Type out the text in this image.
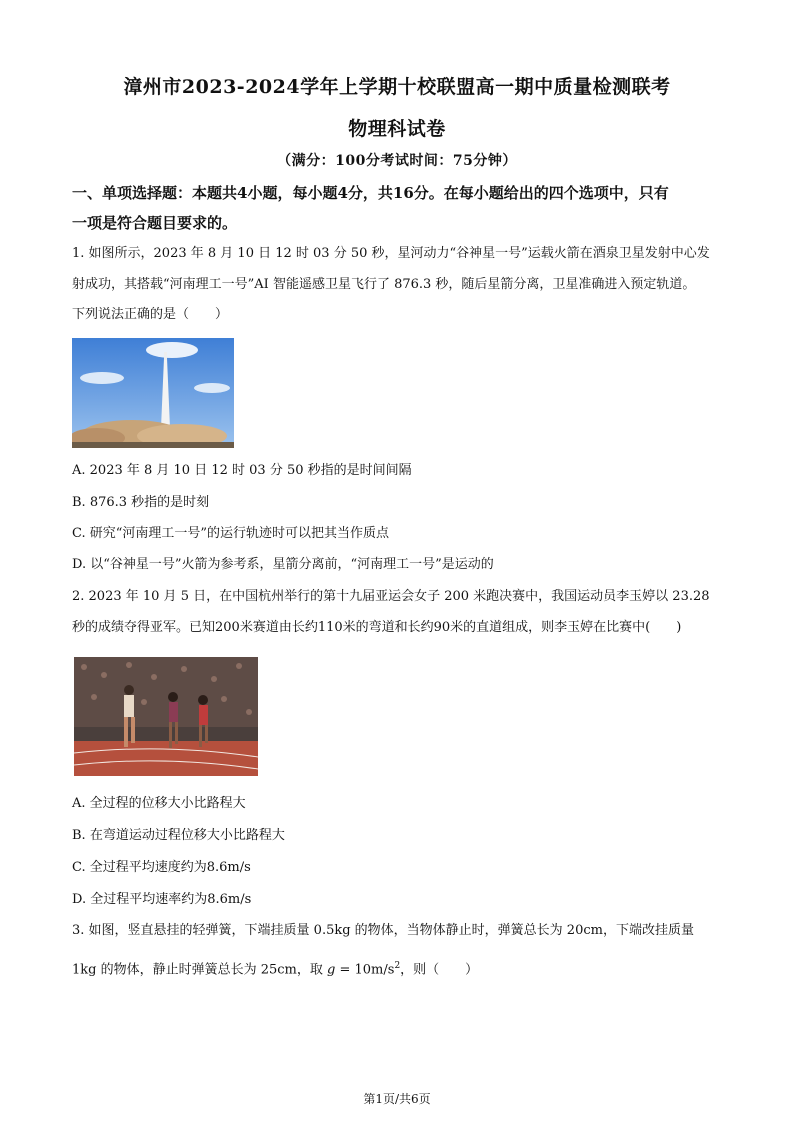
漳州市2023-2024学年上学期十校联盟高一期中质量检测联考
物理科试卷
（满分：100分考试时间：75分钟）
一、单项选择题：本题共4小题，每小题4分，共16分。在每小题给出的四个选项中，只有
一项是符合题目要求的。
1. 如图所示，2023 年 8 月 10 日 12 时 03 分 50 秒，星河动力“谷神星一号”运载火箭在酒泉卫星发射中心发
射成功，其搭载“河南理工一号”AI 智能遥感卫星飞行了 876.3 秒，随后星箭分离，卫星准确进入预定轨道。
下列说法正确的是（　　）
A. 2023 年 8 月 10 日 12 时 03 分 50 秒指的是时间间隔
B. 876.3 秒指的是时刻
C. 研究“河南理工一号”的运行轨迹时可以把其当作质点
D. 以“谷神星一号”火箭为参考系，星箭分离前，“河南理工一号”是运动的
2. 2023 年 10 月 5 日，在中国杭州举行的第十九届亚运会女子 200 米跑决赛中，我国运动员李玉婷以 23.28
秒的成绩夺得亚军。已知200米赛道由长约110米的弯道和长约90米的直道组成，则李玉婷在比赛中(　　)
A. 全过程的位移大小比路程大
B. 在弯道运动过程位移大小比路程大
C. 全过程平均速度约为8.6m/s
D. 全过程平均速率约为8.6m/s
3. 如图，竖直悬挂的轻弹簧，下端挂质量 0.5kg 的物体，当物体静止时，弹簧总长为 20cm，下端改挂质量
1kg 的物体，静止时弹簧总长为 25cm，取 $g = 10m/s^2$，则（　　）
第1页/共6页
